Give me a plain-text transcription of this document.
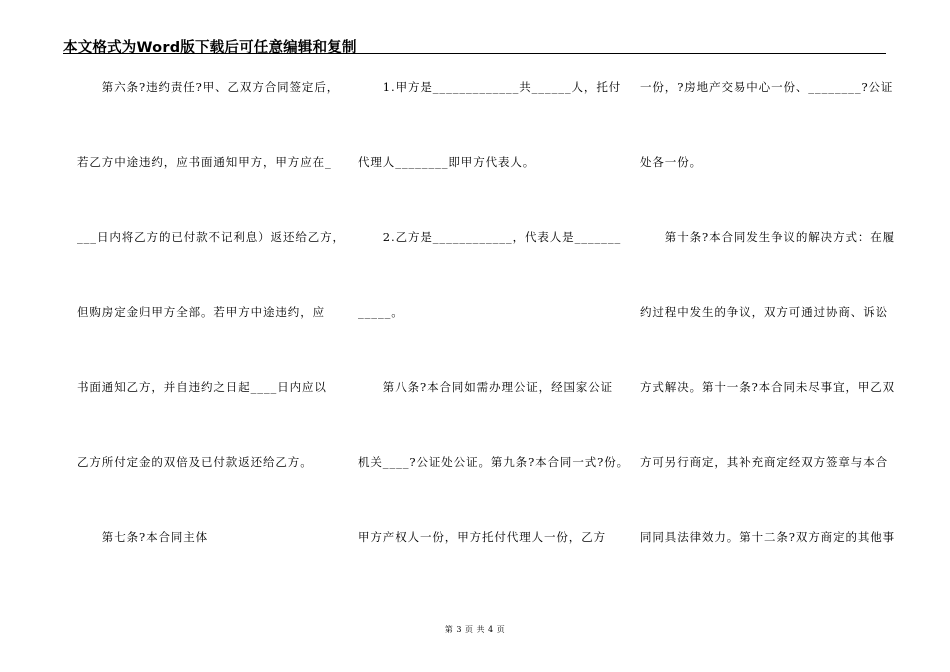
本文格式为Word版下载后可任意编辑和复制
　　第六条?违约责任?甲、乙双方合同签定后，
若乙方中途违约，应书面通知甲方，甲方应在_
___日内将乙方的已付款不记利息）返还给乙方，
但购房定金归甲方全部。若甲方中途违约，应
书面通知乙方，并自违约之日起____日内应以
乙方所付定金的双倍及已付款返还给乙方。
　　第七条?本合同主体
　　1.甲方是_____________共______人，托付
代理人________即甲方代表人。
　　2.乙方是____________，代表人是_______
_____。
　　第八条?本合同如需办理公证，经国家公证
机关____?公证处公证。第九条?本合同一式?份。
甲方产权人一份，甲方托付代理人一份，乙方
一份，?房地产交易中心一份、________?公证
处各一份。
　　第十条?本合同发生争议的解决方式：在履
约过程中发生的争议，双方可通过协商、诉讼
方式解决。第十一条?本合同未尽事宜，甲乙双
方可另行商定，其补充商定经双方签章与本合
同同具法律效力。第十二条?双方商定的其他事
第 3 页 共 4 页
